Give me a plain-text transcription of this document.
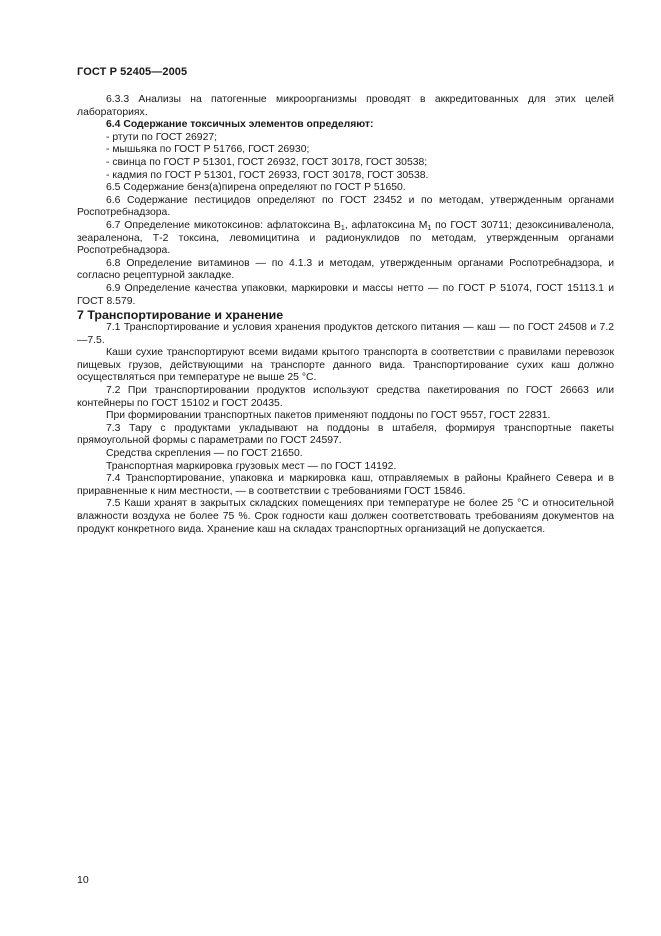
ГОСТ Р 52405—2005

6.3.3 Анализы на патогенные микроорганизмы проводят в аккредитованных для этих целей лабораториях.

6.4 Содержание токсичных элементов определяют:

- ртути по ГОСТ 26927;

- мышьяка по ГОСТ Р 51766, ГОСТ 26930;

- свинца по ГОСТ Р 51301, ГОСТ 26932, ГОСТ 30178, ГОСТ 30538;

- кадмия по ГОСТ Р 51301, ГОСТ 26933, ГОСТ 30178, ГОСТ 30538.

6.5 Содержание бенз(а)пирена определяют по ГОСТ Р 51650.

6.6 Содержание пестицидов определяют по ГОСТ 23452 и по методам, утвержденным органами Роспотребнадзора.

6.7 Определение микотоксинов: афлатоксина $В_1$, афлатоксина $М_1$ по ГОСТ 30711; дезоксиниваленола, зеараленона, Т-2 токсина, левомицитина и радионуклидов по методам, утвержденным органами Роспотребнадзора.

6.8 Определение витаминов — по 4.1.3 и методам, утвержденным органами Роспотребнадзора, и согласно рецептурной закладке.

6.9 Определение качества упаковки, маркировки и массы нетто — по ГОСТ Р 51074, ГОСТ 15113.1 и ГОСТ 8.579.

7 Транспортирование и хранение

7.1 Транспортирование и условия хранения продуктов детского питания — каш — по ГОСТ 24508 и 7.2—7.5.

Каши сухие транспортируют всеми видами крытого транспорта в соответствии с правилами перевозок пищевых грузов, действующими на транспорте данного вида. Транспортирование сухих каш должно осуществляться при температуре не выше 25 °С.

7.2 При транспортировании продуктов используют средства пакетирования по ГОСТ 26663 или контейнеры по ГОСТ 15102 и ГОСТ 20435.

При формировании транспортных пакетов применяют поддоны по ГОСТ 9557, ГОСТ 22831.

7.3 Тару с продуктами укладывают на поддоны в штабеля, формируя транспортные пакеты прямоугольной формы с параметрами по ГОСТ 24597.

Средства скрепления — по ГОСТ 21650.

Транспортная маркировка грузовых мест — по ГОСТ 14192.

7.4 Транспортирование, упаковка и маркировка каш, отправляемых в районы Крайнего Севера и в приравненные к ним местности, — в соответствии с требованиями ГОСТ 15846.

7.5 Каши хранят в закрытых складских помещениях при температуре не более 25 °С и относительной влажности воздуха не более 75 %. Срок годности каш должен соответствовать требованиям документов на продукт конкретного вида. Хранение каш на складах транспортных организаций не допускается.

10
